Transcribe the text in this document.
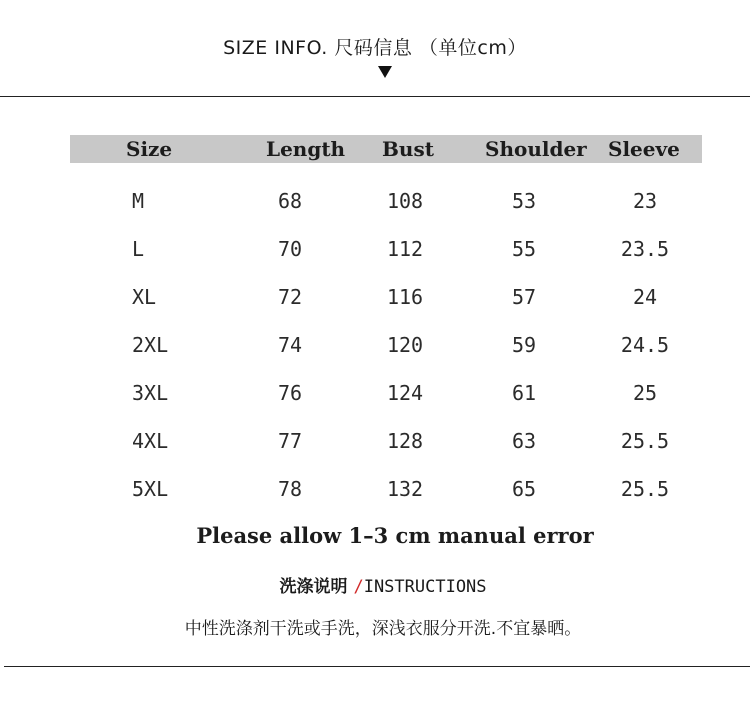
SIZE INFO. 尺码信息 （单位cm）
Size	Length	Bust	Shoulder	Sleeve
M	68	108	53	23
L	70	112	55	23.5
XL	72	116	57	24
2XL	74	120	59	24.5
3XL	76	124	61	25
4XL	77	128	63	25.5
5XL	78	132	65	25.5
Please allow 1–3 cm manual error
洗涤说明 /INSTRUCTIONS
中性洗涤剂干洗或手洗，深浅衣服分开洗.不宜暴晒。
